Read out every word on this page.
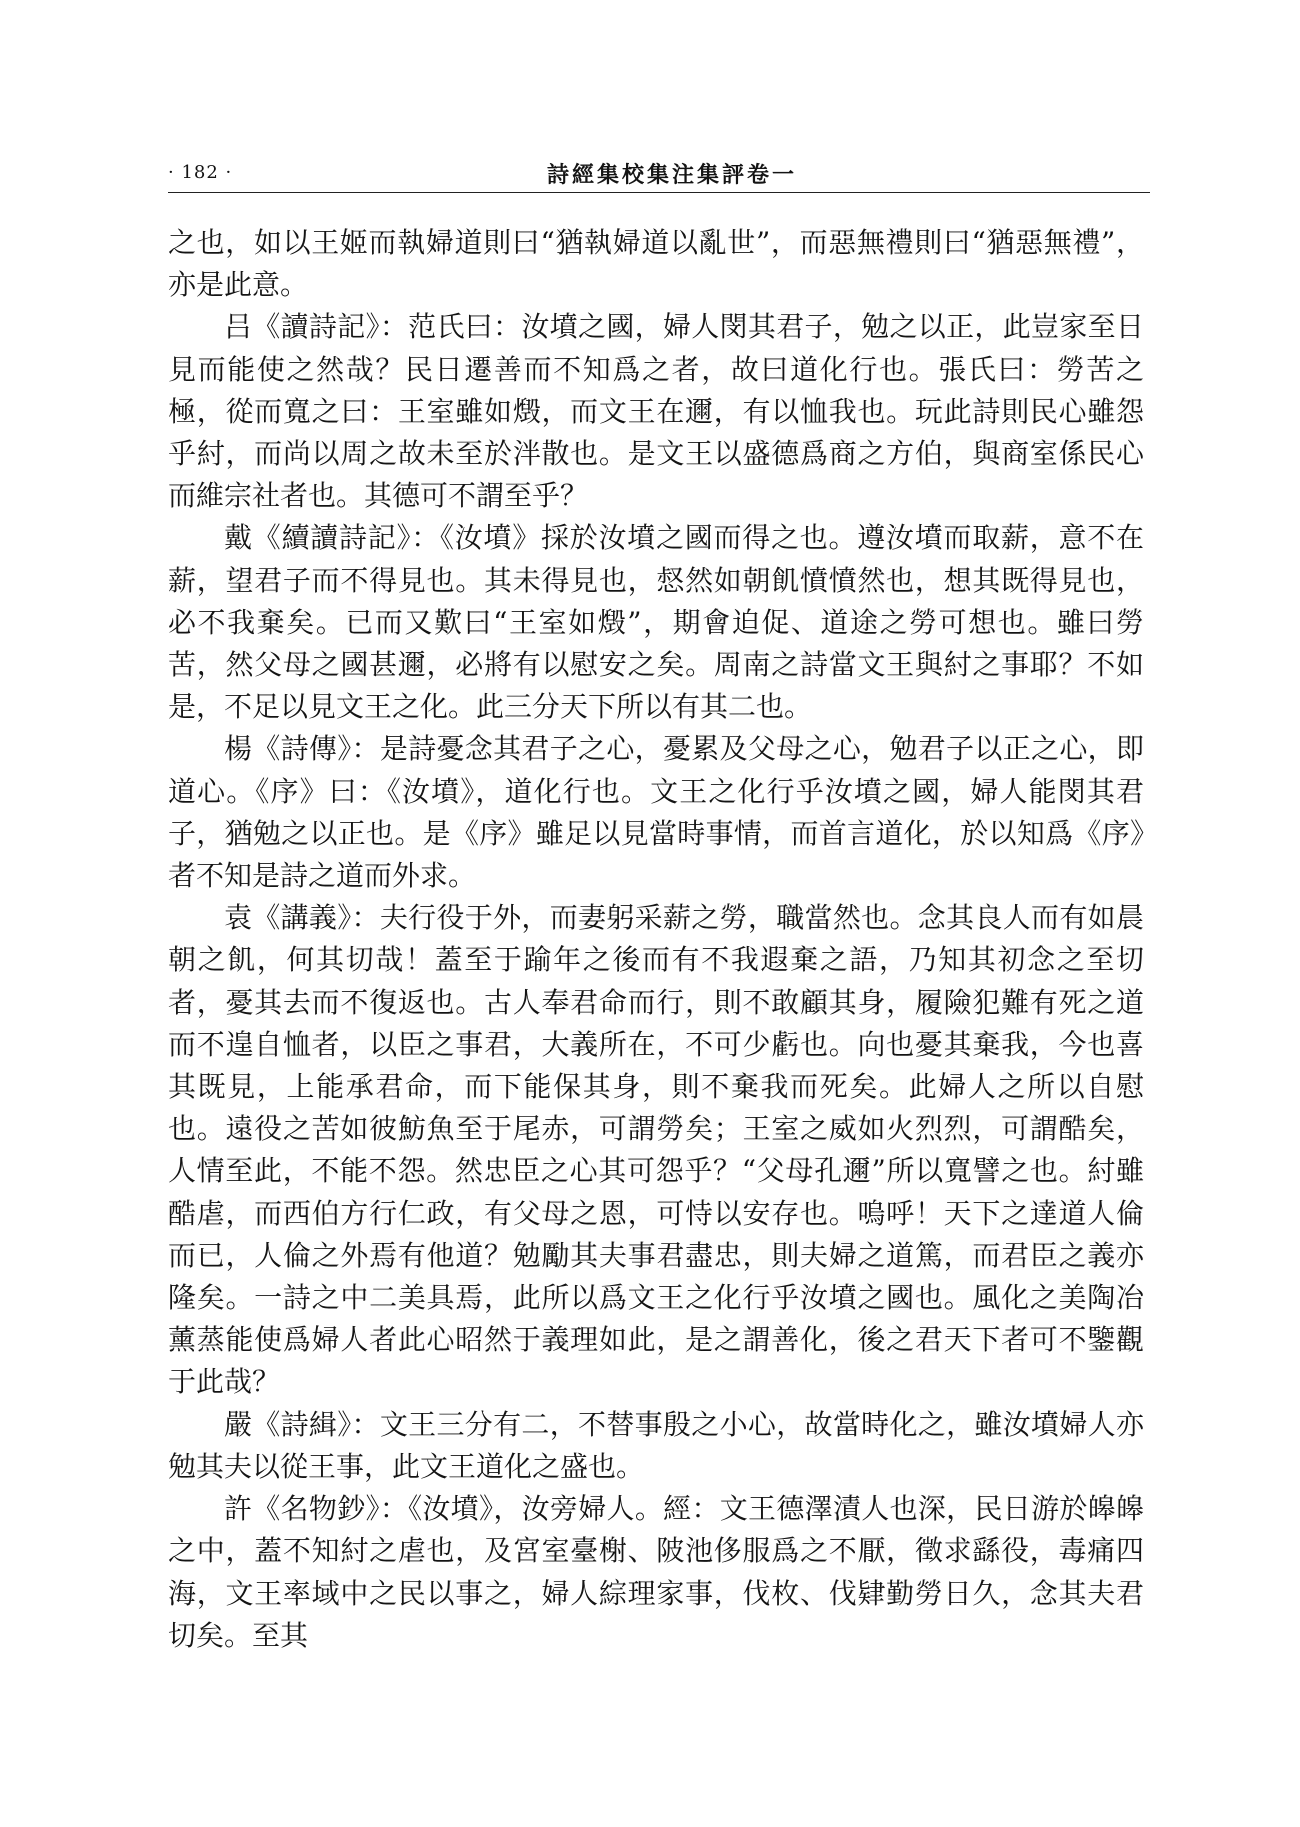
· 182 ·	詩經集校集注集評卷一

之也，如以王姬而執婦道則曰“猶執婦道以亂世”，而惡無禮則曰“猶惡無禮”，亦是此意。

吕《讀詩記》：范氏曰：汝墳之國，婦人閔其君子，勉之以正，此豈家至日見而能使之然哉？民日遷善而不知爲之者，故曰道化行也。張氏曰：勞苦之極，從而寬之曰：王室雖如燬，而文王在邇，有以恤我也。玩此詩則民心雖怨乎紂，而尚以周之故未至於泮散也。是文王以盛德爲商之方伯，與商室係民心而維宗社者也。其德可不謂至乎？

戴《續讀詩記》：《汝墳》採於汝墳之國而得之也。遵汝墳而取薪，意不在薪，望君子而不得見也。其未得見也，惄然如朝飢憤憤然也，想其既得見也，必不我棄矣。已而又歎曰“王室如燬”，期會迫促、道途之勞可想也。雖曰勞苦，然父母之國甚邇，必將有以慰安之矣。周南之詩當文王與紂之事耶？不如是，不足以見文王之化。此三分天下所以有其二也。

楊《詩傳》：是詩憂念其君子之心，憂累及父母之心，勉君子以正之心，即道心。《序》曰：《汝墳》，道化行也。文王之化行乎汝墳之國，婦人能閔其君子，猶勉之以正也。是《序》雖足以見當時事情，而首言道化，於以知爲《序》者不知是詩之道而外求。

袁《講義》：夫行役于外，而妻躬采薪之勞，職當然也。念其良人而有如晨朝之飢，何其切哉！蓋至于踰年之後而有不我遐棄之語，乃知其初念之至切者，憂其去而不復返也。古人奉君命而行，則不敢顧其身，履險犯難有死之道而不遑自恤者，以臣之事君，大義所在，不可少虧也。向也憂其棄我，今也喜其既見，上能承君命，而下能保其身，則不棄我而死矣。此婦人之所以自慰也。遠役之苦如彼魴魚至于尾赤，可謂勞矣；王室之威如火烈烈，可謂酷矣，人情至此，不能不怨。然忠臣之心其可怨乎？“父母孔邇”所以寬譬之也。紂雖酷虐，而西伯方行仁政，有父母之恩，可恃以安存也。嗚呼！天下之達道人倫而已，人倫之外焉有他道？勉勵其夫事君盡忠，則夫婦之道篤，而君臣之義亦隆矣。一詩之中二美具焉，此所以爲文王之化行乎汝墳之國也。風化之美陶冶薰蒸能使爲婦人者此心昭然于義理如此，是之謂善化，後之君天下者可不鑒觀于此哉？

嚴《詩緝》：文王三分有二，不替事殷之小心，故當時化之，雖汝墳婦人亦勉其夫以從王事，此文王道化之盛也。

許《名物鈔》：《汝墳》，汝旁婦人。經：文王德澤漬人也深，民日游於皞皞之中，蓋不知紂之虐也，及宮室臺榭、陂池侈服爲之不厭，徵求繇役，毒痛四海，文王率域中之民以事之，婦人綜理家事，伐枚、伐肄勤勞日久，念其夫君切矣。至其
